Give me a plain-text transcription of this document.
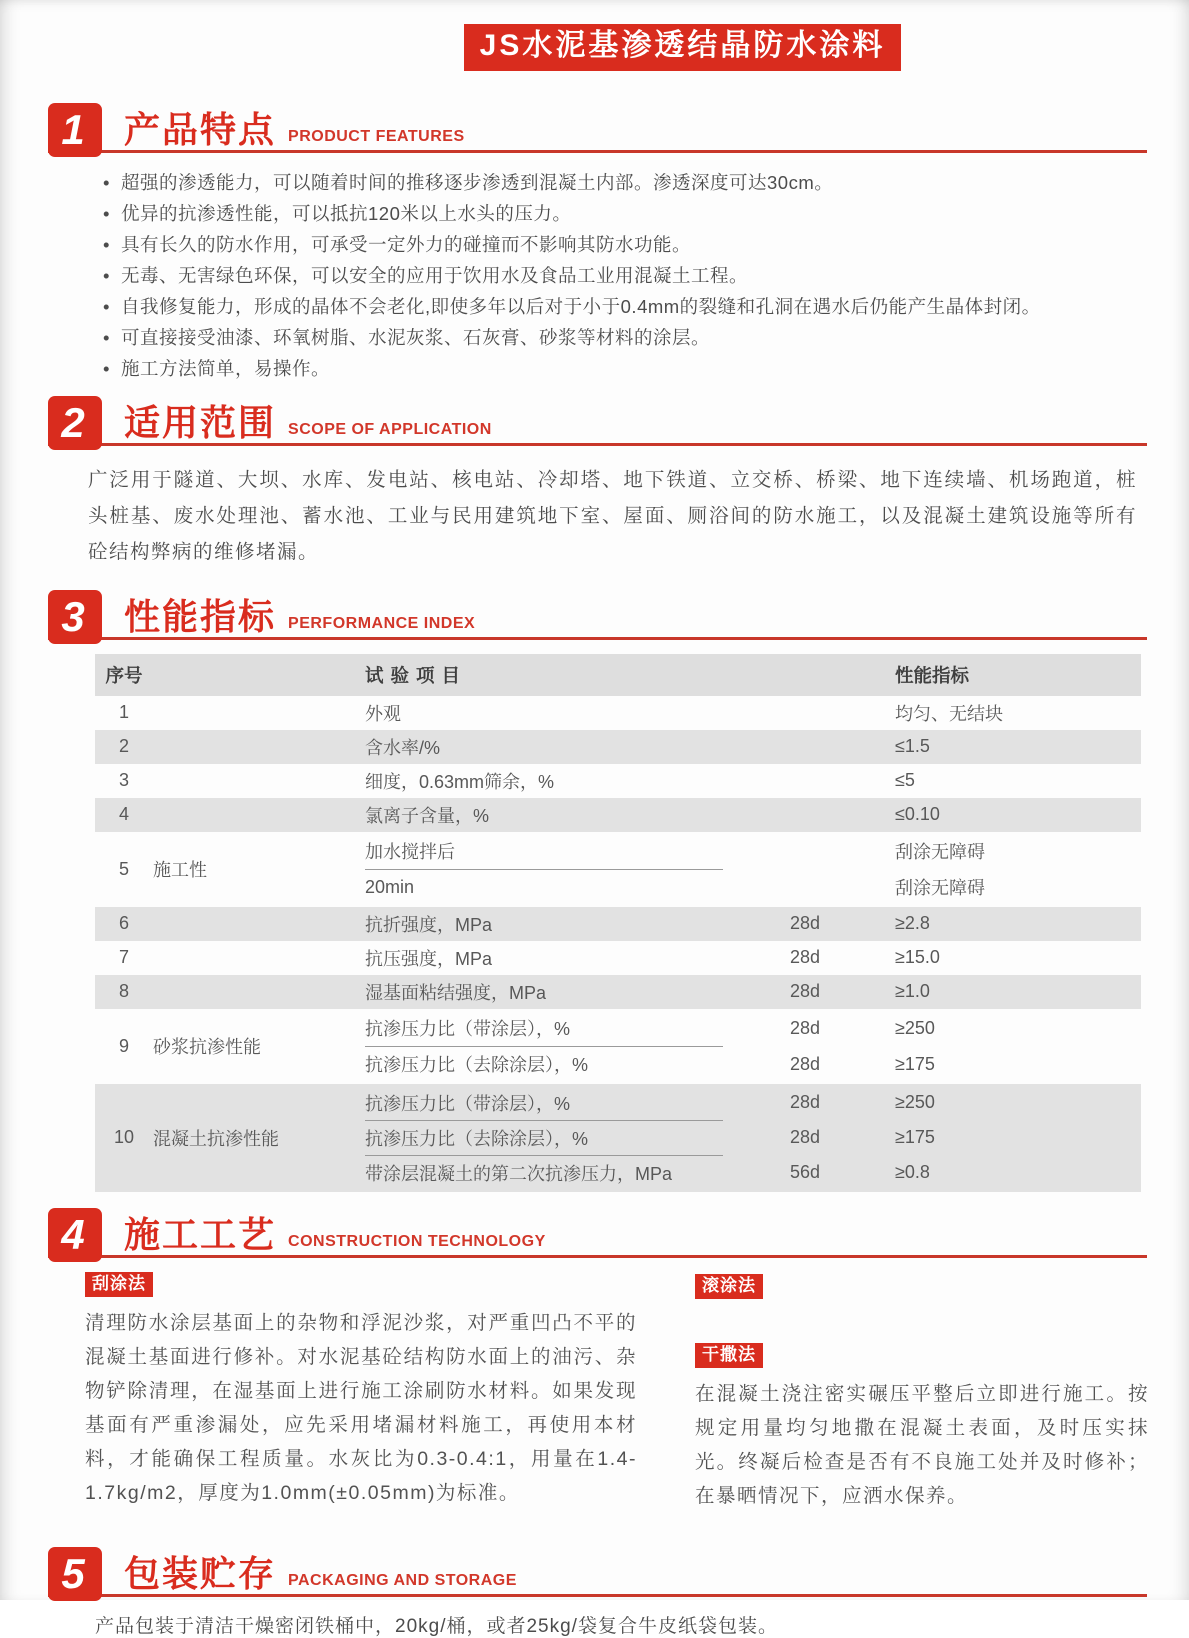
JS水泥基渗透结晶防水涂料
1	产品特点 PRODUCT FEATURES
• 超强的渗透能力，可以随着时间的推移逐步渗透到混凝土内部。渗透深度可达30cm。
• 优异的抗渗透性能，可以抵抗120米以上水头的压力。
• 具有长久的防水作用，可承受一定外力的碰撞而不影响其防水功能。
• 无毒、无害绿色环保，可以安全的应用于饮用水及食品工业用混凝土工程。
• 自我修复能力，形成的晶体不会老化,即使多年以后对于小于0.4mm的裂缝和孔洞在遇水后仍能产生晶体封闭。
• 可直接接受油漆、环氧树脂、水泥灰浆、石灰膏、砂浆等材料的涂层。
• 施工方法简单，易操作。
2	适用范围 SCOPE OF APPLICATION

广泛用于隧道、大坝、水库、发电站、核电站、冷却塔、地下铁道、立交桥、桥梁、地下连续墙、机场跑道，桩头桩基、废水处理池、蓄水池、工业与民用建筑地下室、屋面、厕浴间的防水施工，以及混凝土建筑设施等所有砼结构弊病的维修堵漏。

3	性能指标 PERFORMANCE INDEX
序号	试验项目	性能指标
1	外观	均匀、无结块
2	含水率/%	≤1.5
3	细度，0.63mm筛余，%	≤5
4	氯离子含量，%	≤0.10
5	施工性
加水搅拌后	刮涂无障碍
20min	刮涂无障碍
6	抗折强度，MPa	28d	≥2.8
7	抗压强度，MPa	28d	≥15.0
8	湿基面粘结强度，MPa	28d	≥1.0
9	砂浆抗渗性能
抗渗压力比（带涂层），%	28d	≥250
抗渗压力比（去除涂层），%	28d	≥175
10	混凝土抗渗性能
抗渗压力比（带涂层），%	28d	≥250
抗渗压力比（去除涂层），%	28d	≥175
带涂层混凝土的第二次抗渗压力，MPa	56d	≥0.8
4	施工工艺 CONSTRUCTION TECHNOLOGY
刮涂法

清理防水涂层基面上的杂物和浮泥沙浆，对严重凹凸不平的混凝土基面进行修补。对水泥基砼结构防水面上的油污、杂物铲除清理，在湿基面上进行施工涂刷防水材料。如果发现基面有严重渗漏处，应先采用堵漏材料施工，再使用本材料，才能确保工程质量。水灰比为0.3-0.4:1，用量在1.4-1.7kg/m2，厚度为1.0mm(±0.05mm)为标准。

滚涂法
干撒法

在混凝土浇注密实碾压平整后立即进行施工。按规定用量均匀地撒在混凝土表面，及时压实抹光。终凝后检查是否有不良施工处并及时修补；在暴晒情况下，应洒水保养。

5	包装贮存 PACKAGING AND STORAGE

产品包装于清洁干燥密闭铁桶中，20kg/桶，或者25kg/袋复合牛皮纸袋包装。
